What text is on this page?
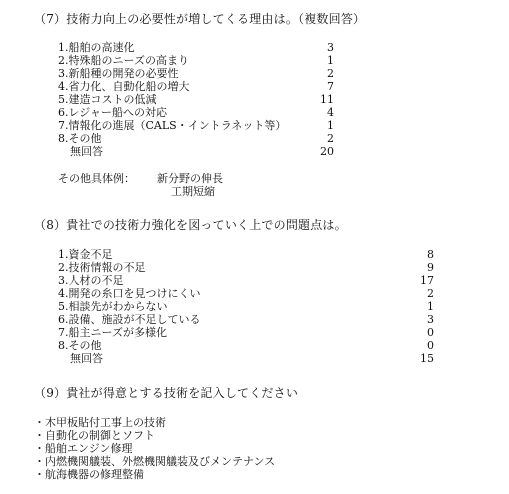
（7）技術力向上の必要性が増してくる理由は。（複数回答）
1.船舶の高速化	3
2.特殊船のニーズの高まり	1
3.新船種の開発の必要性	2
4.省力化、自動化船の増大	7
5.建造コストの低減	11
6.レジャー船への対応	4
7.情報化の進展（CALS・イントラネット等）	1
8.その他	2
無回答	20
その他具体例： 新分野の伸長
工期短縮
（8）貴社での技術力強化を図っていく上での問題点は。
1.資金不足	8
2.技術情報の不足	9
3.人材の不足	17
4.開発の糸口を見つけにくい	2
5.相談先がわからない	1
6.設備、施設が不足している	3
7.船主ニーズが多様化	0
8.その他	0
無回答	15
（9）貴社が得意とする技術を記入してください
・木甲板貼付工事上の技術
・自動化の制御とソフト
・船舶エンジン修理
・内燃機関艤装、外燃機関艤装及びメンテナンス
・航海機器の修理整備
